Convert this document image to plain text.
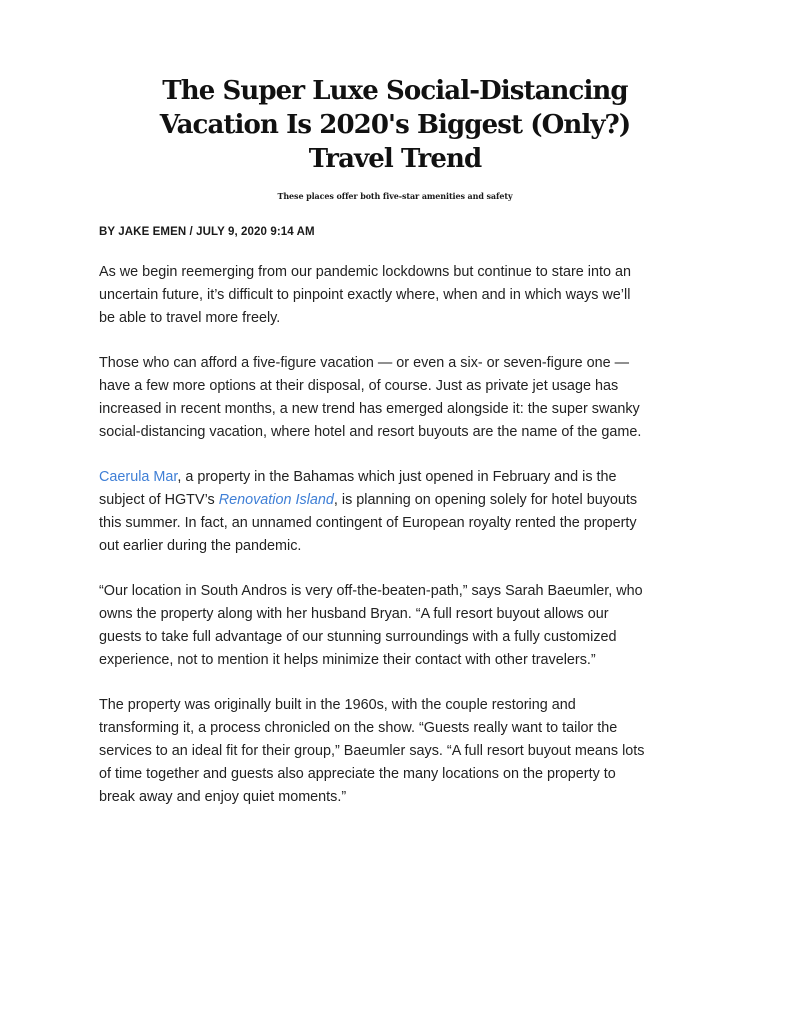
The Super Luxe Social-Distancing
Vacation Is 2020's Biggest (Only?)
Travel Trend

These places offer both five-star amenities and safety

BY JAKE EMEN / JULY 9, 2020 9:14 AM

As we begin reemerging from our pandemic lockdowns but continue to stare into an
uncertain future, it’s difficult to pinpoint exactly where, when and in which ways we’ll
be able to travel more freely.

Those who can afford a five-figure vacation — or even a six- or seven-figure one —
have a few more options at their disposal, of course. Just as private jet usage has
increased in recent months, a new trend has emerged alongside it: the super swanky
social-distancing vacation, where hotel and resort buyouts are the name of the game.

Caerula Mar, a property in the Bahamas which just opened in February and is the
subject of HGTV’s Renovation Island, is planning on opening solely for hotel buyouts
this summer. In fact, an unnamed contingent of European royalty rented the property
out earlier during the pandemic.

“Our location in South Andros is very off-the-beaten-path,” says Sarah Baeumler, who
owns the property along with her husband Bryan. “A full resort buyout allows our
guests to take full advantage of our stunning surroundings with a fully customized
experience, not to mention it helps minimize their contact with other travelers.”

The property was originally built in the 1960s, with the couple restoring and
transforming it, a process chronicled on the show. “Guests really want to tailor the
services to an ideal fit for their group,” Baeumler says. “A full resort buyout means lots
of time together and guests also appreciate the many locations on the property to
break away and enjoy quiet moments.”
